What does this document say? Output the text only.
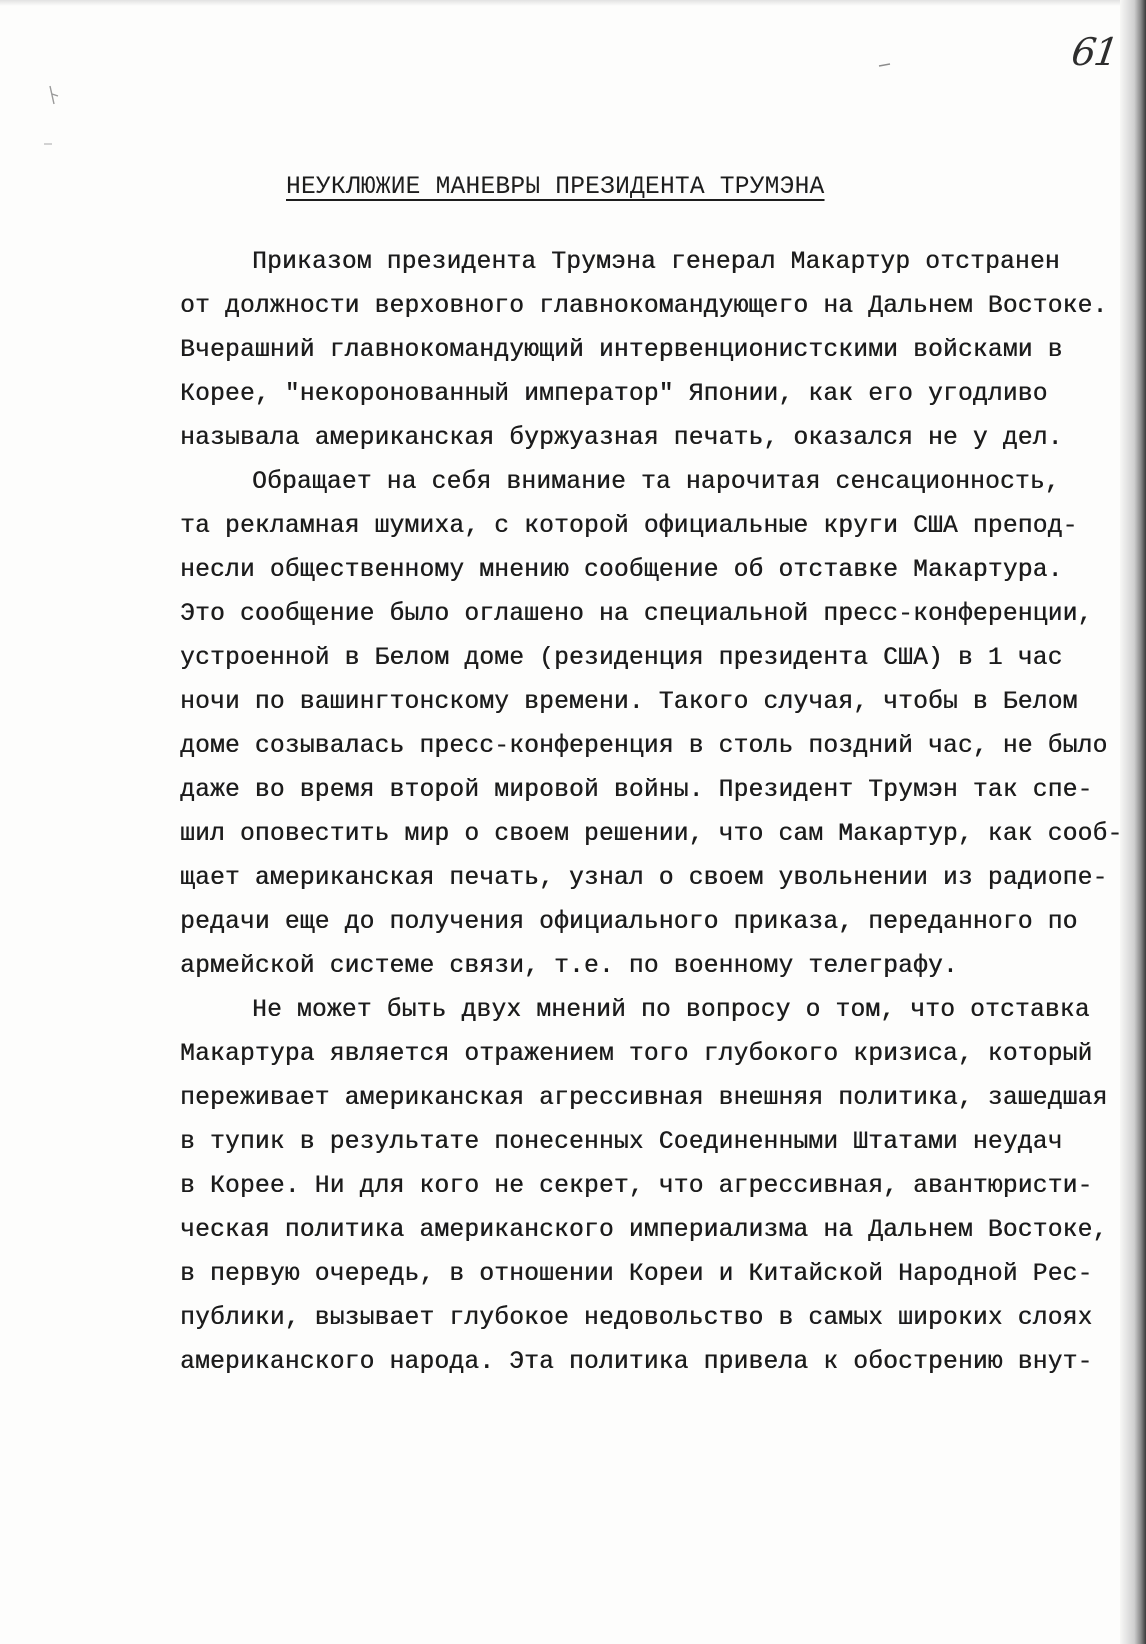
61
НЕУКЛЮЖИЕ МАНЕВРЫ ПРЕЗИДЕНТА ТРУМЭНА
Приказом президента Трумэна генерал Макартур отстранен
от должности верховного главнокомандующего на Дальнем Востоке.
Вчерашний главнокомандующий интервенционистскими войсками в
Корее, "некоронованный император" Японии, как его угодливо
называла американская буржуазная печать, оказался не у дел.
Обращает на себя внимание та нарочитая сенсационность,
та рекламная шумиха, с которой официальные круги США препод-
несли общественному мнению сообщение об отставке Макартура.
Это сообщение было оглашено на специальной пресс-конференции,
устроенной в Белом доме (резиденция президента США) в 1 час
ночи по вашингтонскому времени. Такого случая, чтобы в Белом
доме созывалась пресс-конференция в столь поздний час, не было
даже во время второй мировой войны. Президент Трумэн так спе-
шил оповестить мир о своем решении, что сам Макартур, как сооб-
щает американская печать, узнал о своем увольнении из радиопе-
редачи еще до получения официального приказа, переданного по
армейской системе связи, т.е. по военному телеграфу.
Не может быть двух мнений по вопросу о том, что отставка
Макартура является отражением того глубокого кризиса, который
переживает американская агрессивная внешняя политика, зашедшая
в тупик в результате понесенных Соединенными Штатами неудач
в Корее. Ни для кого не секрет, что агрессивная, авантюристи-
ческая политика американского империализма на Дальнем Востоке,
в первую очередь, в отношении Кореи и Китайской Народной Рес-
публики, вызывает глубокое недовольство в самых широких слоях
американского народа. Эта политика привела к обострению внут-
